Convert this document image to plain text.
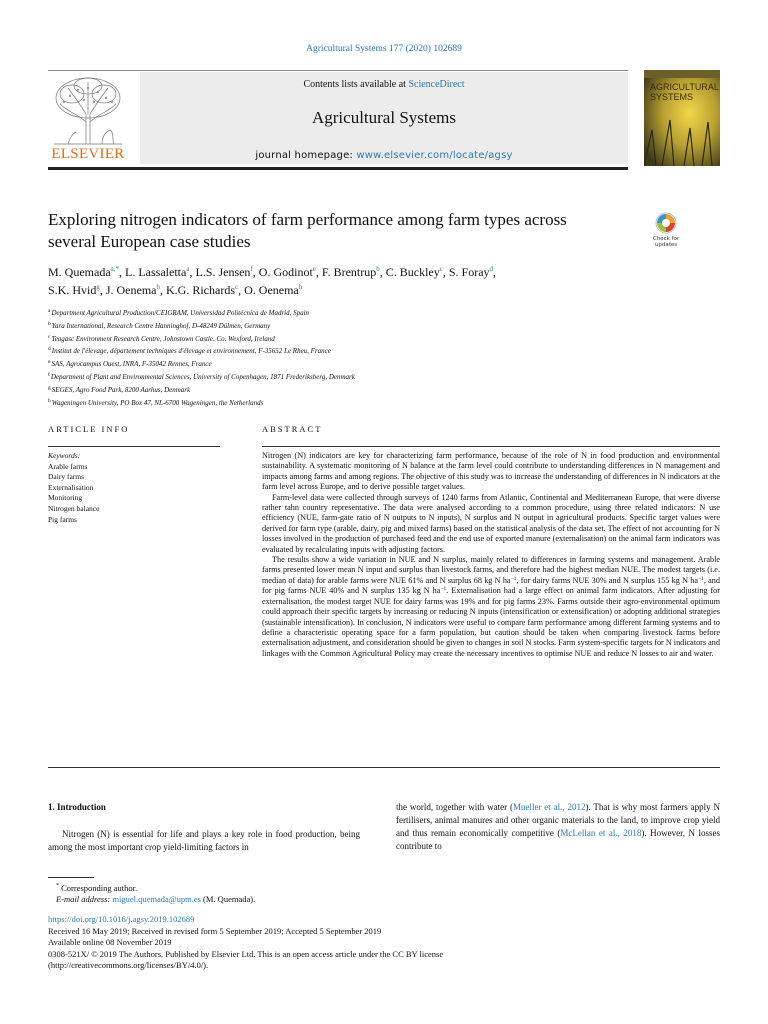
Agricultural Systems 177 (2020) 102689
ELSEVIER
Contents lists available at ScienceDirect
Agricultural Systems
journal homepage: www.elsevier.com/locate/agsy
AGRICULTURAL SYSTEMS
Exploring nitrogen indicators of farm performance among farm types across
several European case studies	Check for updates
M. Quemada$^{a,*}$, L. Lassaletta$^a$, L.S. Jensen$^f$, O. Godinot$^e$, F. Brentrup$^b$, C. Buckley$^c$, S. Foray$^d$,
S.K. Hvid$^g$, J. Oenema$^h$, K.G. Richards$^c$, O. Oenema$^h$
$^a$Department Agricultural Production/CEIGRAM, Universidad Politécnica de Madrid, Spain
$^b$Yara International, Research Centre Hanninghof, D-48249 Dülmen, Germany
$^c$Teagasc Environment Research Centre, Johnstown Castle, Co. Wexford, Ireland
$^d$Institut de l'élevage, département techniques d'élevage et environnement, F-35652 Le Rheu, France
$^e$SAS, Agrocampus Ouest, INRA, F-35042 Rennes, France
$^f$Department of Plant and Environmental Sciences, University of Copenhagen, 1871 Frederiksberg, Denmark
$^g$SEGES, Agro Food Park, 8200 Aarhus, Denmark
$^h$Wageningen University, PO Box 47, NL-6700 Wageningen, the Netherlands
ARTICLE INFO	ABSTRACT
Keywords:
Arable farms
Dairy farms
Externalisation
Monitoring
Nitrogen balance
Pig farms

Nitrogen (N) indicators are key for characterizing farm performance, because of the role of N in food production and environmental sustainability. A systematic monitoring of N balance at the farm level could contribute to understanding differences in N management and impacts among farms and among regions. The objective of this study was to increase the understanding of differences in N indicators at the farm level across Europe, and to derive possible target values.

Farm-level data were collected through surveys of 1240 farms from Atlantic, Continental and Mediterranean Europe, that were diverse rather tahn country representative. The data were analysed according to a common procedure, using three related indicators: N use efficiency (NUE, farm-gate ratio of N outputs to N inputs), N surplus and N output in agricultural products. Specific target values were derived for farm type (arable, dairy, pig and mixed farms) based on the statistical analysis of the data set. The effect of not accounting for N losses involved in the production of purchased feed and the end use of exported manure (externalisation) on the animal farm indicators was evaluated by recalculating inputs with adjusting factors.

The results show a wide variation in NUE and N surplus, mainly related to differences in farming systems and management. Arable farms presented lower mean N input and surplus than livestock farms, and therefore had the highest median NUE. The modest targets (i.e. median of data) for arable farms were NUE 61% and N surplus 68 kg N $ha^{-1}$, for dairy farms NUE 30% and N surplus 155 kg N $ha^{-1}$, and for pig farms NUE 40% and N surplus 135 kg N $ha^{-1}$. Externalisation had a large effect on animal farm indicators. After adjusting for externalisation, the modest target NUE for dairy farms was 19% and for pig farms 23%. Farms outside their agro-environmental optimum could approach their specific targets by increasing or reducing N inputs (intensification or extensification) or adopting additional strategies (sustainable intensification). In conclusion, N indicators were useful to compare farm performance among different farming systems and to define a characteristic operating space for a farm population, but caution should be taken when comparing livestock farms before externalisation adjustment, and consideration should be given to changes in soil N stocks. Farm system-specific targets for N indicators and linkages with the Common Agricultural Policy may create the necessary incentives to optimise NUE and reduce N losses to air and water.

1. Introduction
Nitrogen (N) is essential for life and plays a key role in food production, being among the most important crop yield-limiting factors in
the world, together with water (Mueller et al., 2012). That is why most farmers apply N fertilisers, animal manures and other organic materials to the land, to improve crop yield and thus remain economically competitive (McLellan et al., 2018). However, N losses contribute to
* Corresponding author.
E-mail address: miguel.quemada@upm.es (M. Quemada).
https://doi.org/10.1016/j.agsy.2019.102689
Received 16 May 2019; Received in revised form 5 September 2019; Accepted 5 September 2019
Available online 08 November 2019
0308-521X/ © 2019 The Authors. Published by Elsevier Ltd. This is an open access article under the CC BY license
(http://creativecommons.org/licenses/BY/4.0/).
